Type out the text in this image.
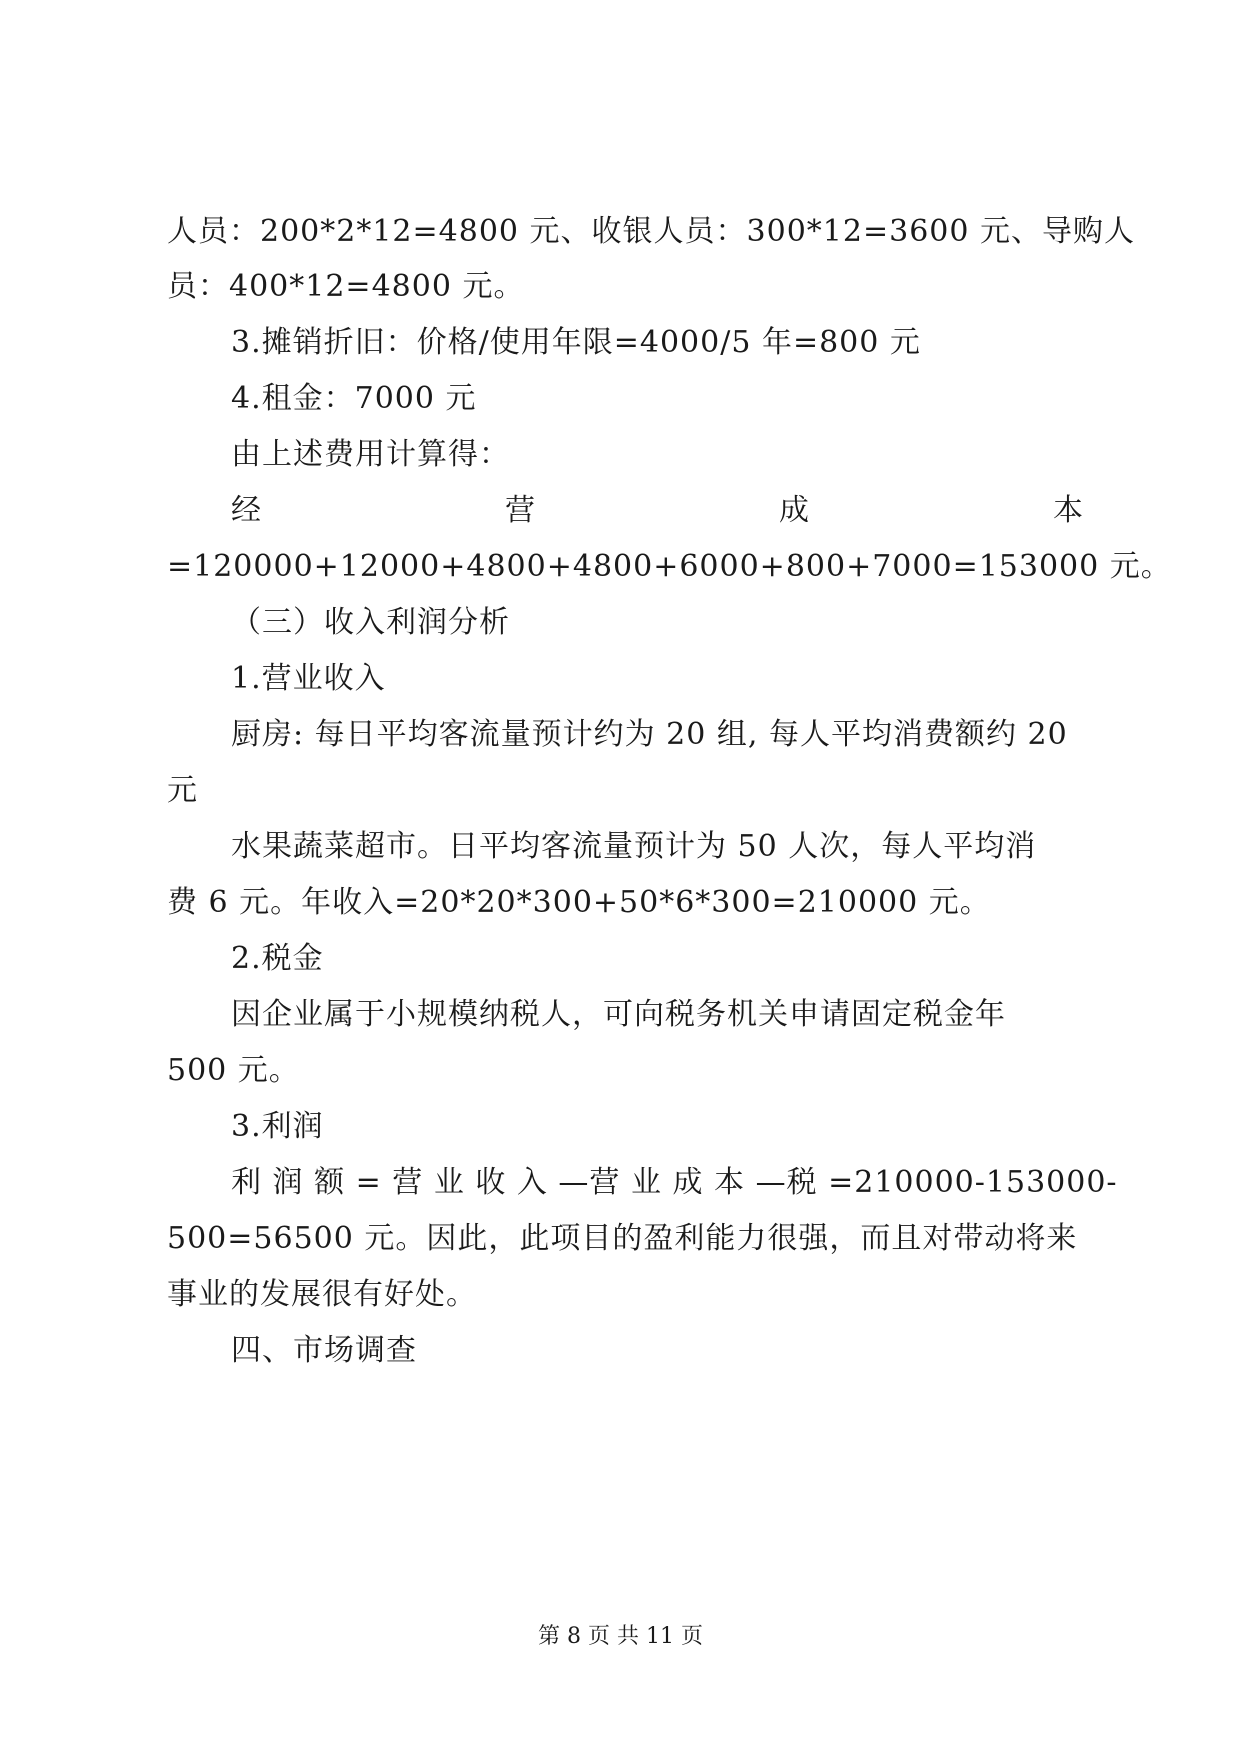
人员：200*2*12=4800 元、收银人员：300*12=3600 元、导购人
员：400*12=4800 元。
3.摊销折旧：价格/使用年限=4000/5 年=800 元
4.租金：7000 元
由上述费用计算得：
经	营	成	本
=120000+12000+4800+4800+6000+800+7000=153000 元。
（三）收入利润分析
1.营业收入
厨房: 每日平均客流量预计约为 20 组, 每人平均消费额约 20
元
水果蔬菜超市。日平均客流量预计为 50 人次，每人平均消
费 6 元。年收入=20*20*300+50*6*300=210000 元。
2.税金
因企业属于小规模纳税人，可向税务机关申请固定税金年
500 元。
3.利润
利 润 额 = 营 业 收 入 —营 业 成 本 —税 =210000-153000-
500=56500 元。因此，此项目的盈利能力很强，而且对带动将来
事业的发展很有好处。
四、市场调查
第 8 页 共 11 页
